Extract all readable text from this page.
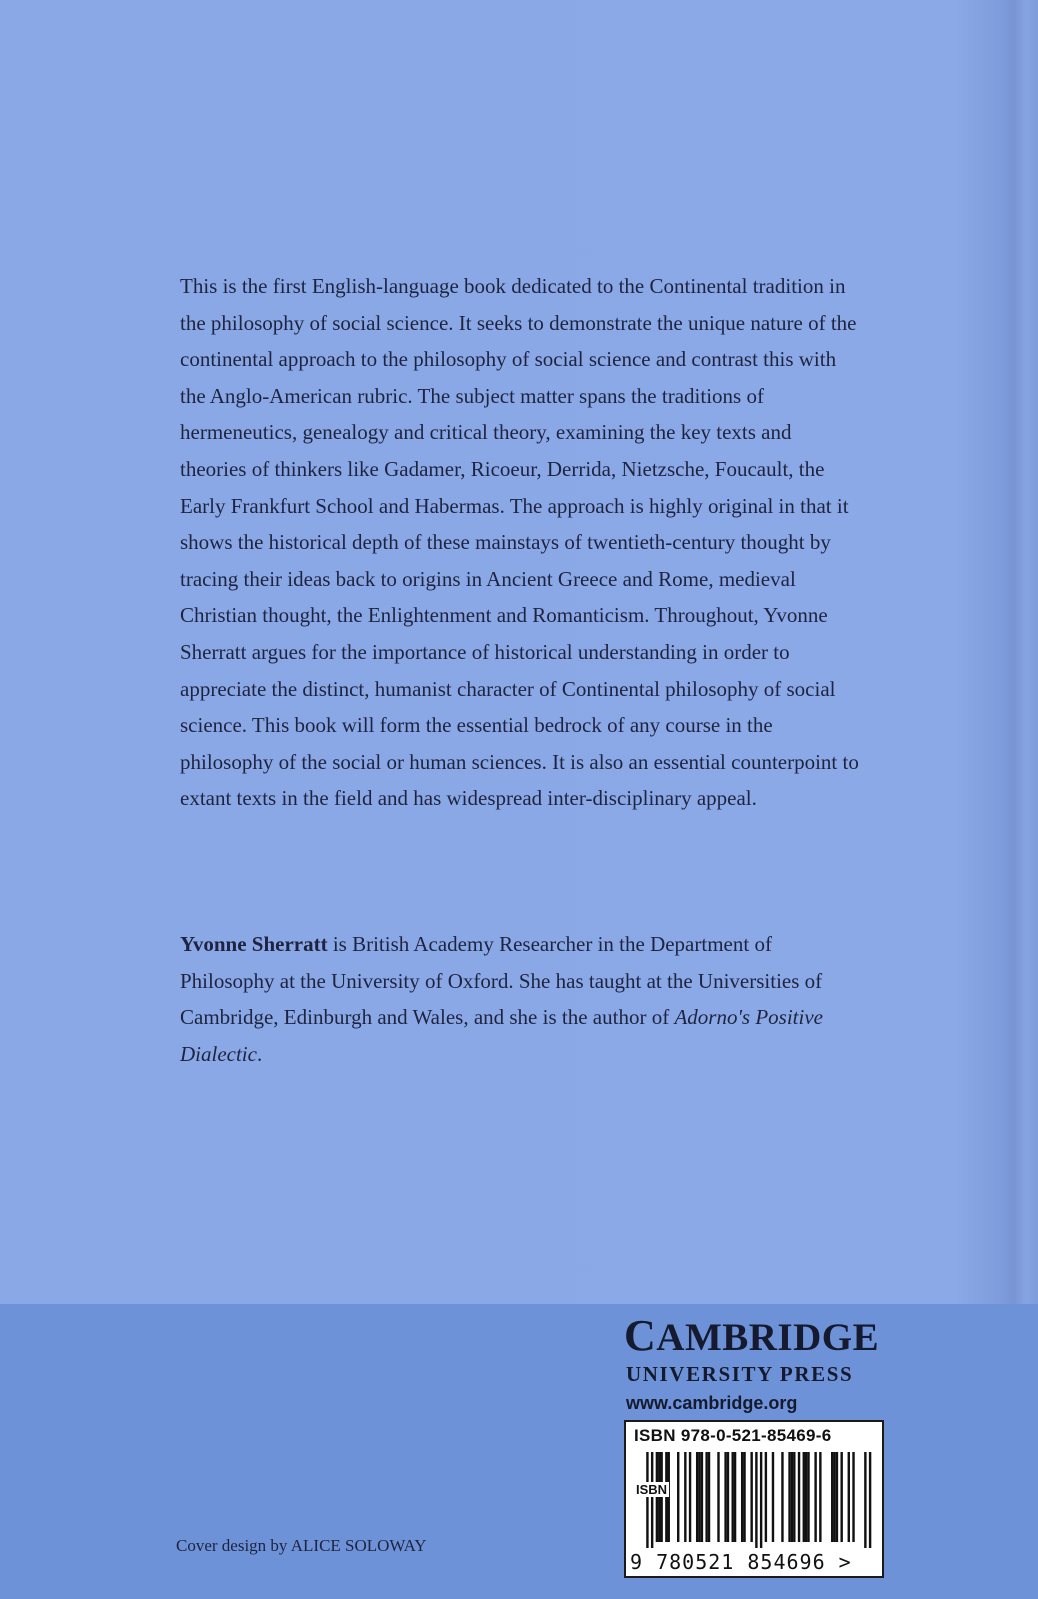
This is the first English-language book dedicated to the Continental tradition in the philosophy of social science. It seeks to demonstrate the unique nature of the continental approach to the philosophy of social science and contrast this with the Anglo-American rubric. The subject matter spans the traditions of hermeneutics, genealogy and critical theory, examining the key texts and theories of thinkers like Gadamer, Ricoeur, Derrida, Nietzsche, Foucault, the Early Frankfurt School and Habermas. The approach is highly original in that it shows the historical depth of these mainstays of twentieth-century thought by tracing their ideas back to origins in Ancient Greece and Rome, medieval Christian thought, the Enlightenment and Romanticism. Throughout, Yvonne Sherratt argues for the importance of historical understanding in order to appreciate the distinct, humanist character of Continental philosophy of social science. This book will form the essential bedrock of any course in the philosophy of the social or human sciences. It is also an essential counterpoint to extant texts in the field and has widespread inter-disciplinary appeal.

Yvonne Sherratt is British Academy Researcher in the Department of Philosophy at the University of Oxford. She has taught at the Universities of Cambridge, Edinburgh and Wales, and she is the author of Adorno's Positive Dialectic.

CAMBRIDGE
UNIVERSITY PRESS
www.cambridge.org
ISBN 978-0-521-85469-6
ISBN
9 780521 854696 >
Cover design by ALICE SOLOWAY
